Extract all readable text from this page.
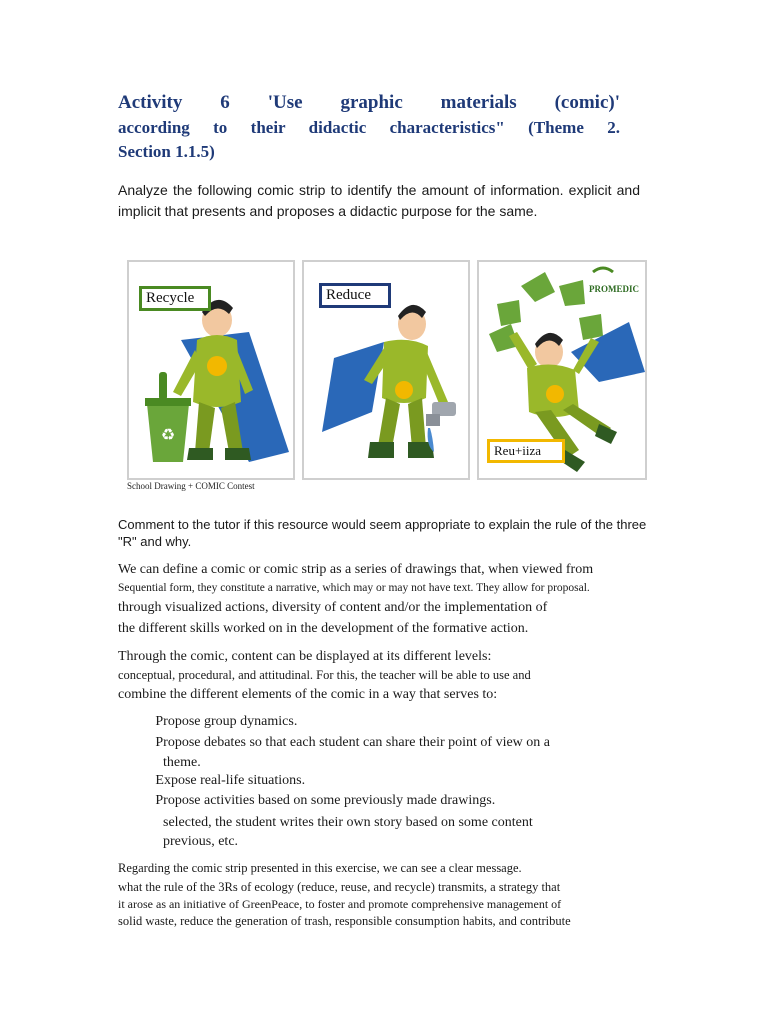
Activity 6 'Use graphic materials (comic)'
according to their didactic characteristics" (Theme 2.
Section 1.1.5)

Analyze the following comic strip to identify the amount of information. explicit and implicit that presents and proposes a didactic purpose for the same.

♻
Recycle	Reduce	PROMEDIC
Reu+iiza

School Drawing + COMIC Contest

Comment to the tutor if this resource would seem appropriate to explain the rule of the three "R" and why.

We can define a comic or comic strip as a series of drawings that, when viewed from

Sequential form, they constitute a narrative, which may or may not have text. They allow for proposal.

through visualized actions, diversity of content and/or the implementation of

the different skills worked on in the development of the formative action.

Through the comic, content can be displayed at its different levels:

conceptual, procedural, and attitudinal. For this, the teacher will be able to use and

combine the different elements of the comic in a way that serves to:

Propose group dynamics.

Propose debates so that each student can share their point of view on a

theme.

Expose real-life situations.

Propose activities based on some previously made drawings.

selected, the student writes their own story based on some content

previous, etc.

Regarding the comic strip presented in this exercise, we can see a clear message.

what the rule of the 3Rs of ecology (reduce, reuse, and recycle) transmits, a strategy that

it arose as an initiative of GreenPeace, to foster and promote comprehensive management of

solid waste, reduce the generation of trash, responsible consumption habits, and contribute
